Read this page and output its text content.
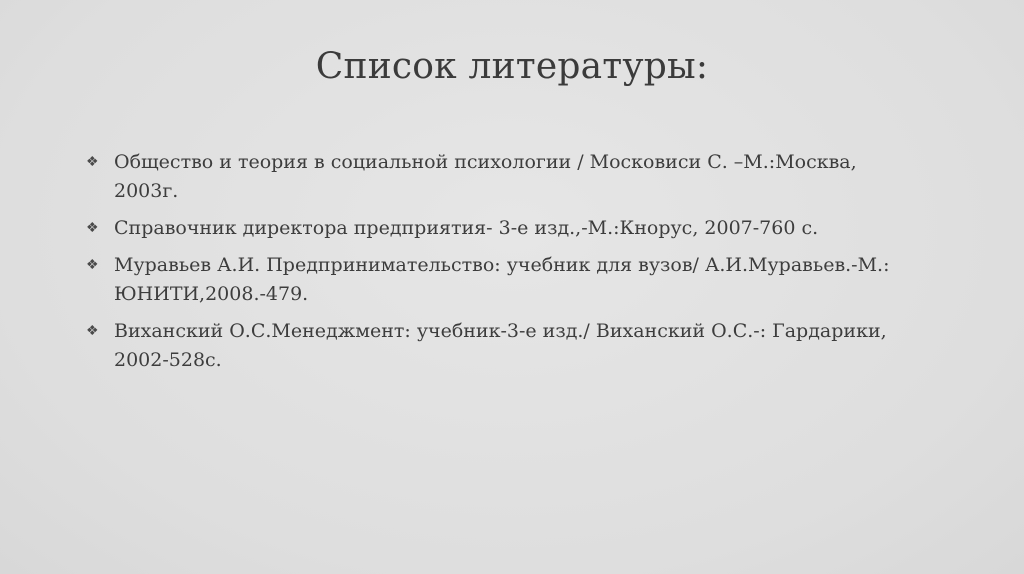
Список литературы:
❖ Общество и теория в социальной психологии / Московиси С. –М.:Москва, 2003г.
❖ Справочник директора предприятия- 3-е изд.,-М.:Кнорус, 2007-760 с.
❖ Муравьев А.И. Предпринимательство: учебник для вузов/ А.И.Муравьев.-М.: ЮНИТИ,2008.-479.
❖ Виханский О.С.Менеджмент: учебник-3-е изд./ Виханский О.С.-: Гардарики, 2002-528с.
